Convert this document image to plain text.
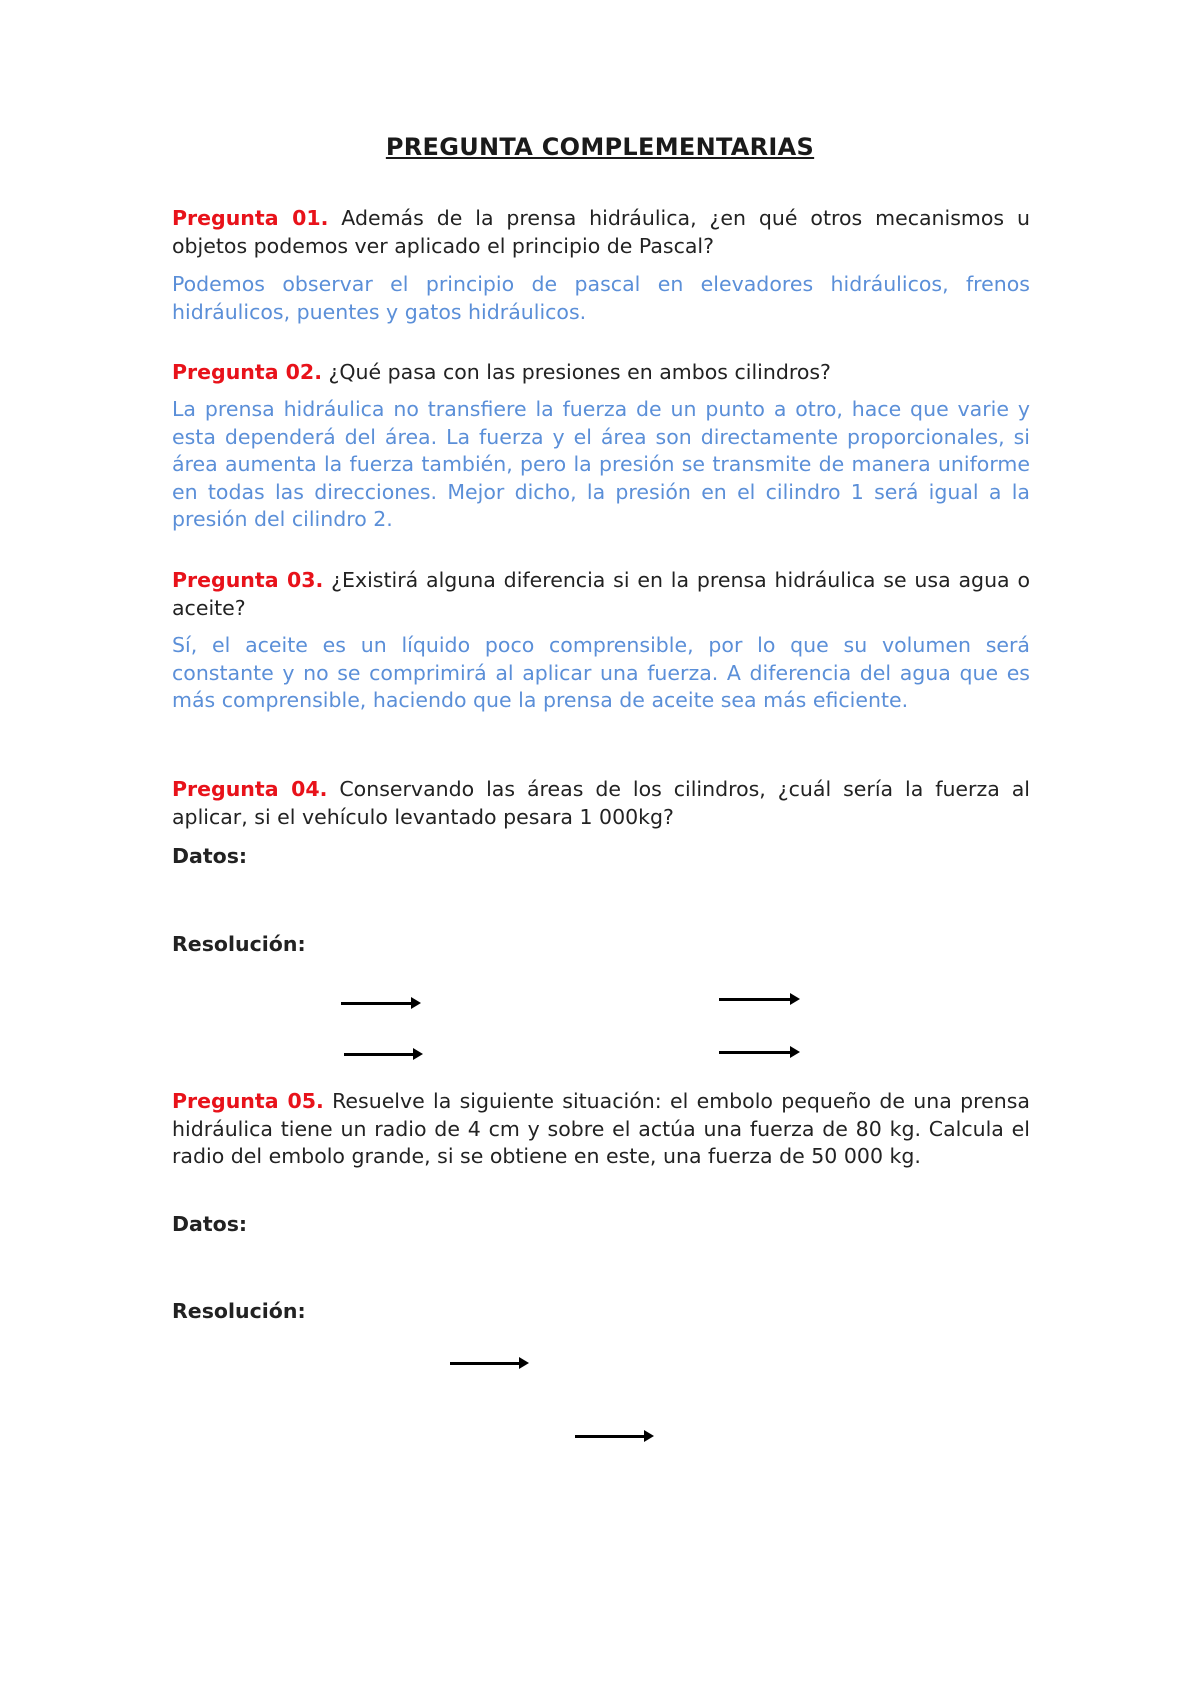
PREGUNTA COMPLEMENTARIAS
Pregunta 01. Además de la prensa hidráulica, ¿en qué otros mecanismos u objetos podemos ver aplicado el principio de Pascal?
Podemos observar el principio de pascal en elevadores hidráulicos, frenos hidráulicos, puentes y gatos hidráulicos.
Pregunta 02. ¿Qué pasa con las presiones en ambos cilindros?
La prensa hidráulica no transfiere la fuerza de un punto a otro, hace que varie y esta dependerá del área. La fuerza y el área son directamente proporcionales, si área aumenta la fuerza también, pero la presión se transmite de manera uniforme en todas las direcciones. Mejor dicho, la presión en el cilindro 1 será igual a la presión del cilindro 2.
Pregunta 03. ¿Existirá alguna diferencia si en la prensa hidráulica se usa agua o aceite?
Sí, el aceite es un líquido poco comprensible, por lo que su volumen será constante y no se comprimirá al aplicar una fuerza. A diferencia del agua que es más comprensible, haciendo que la prensa de aceite sea más eficiente.
Pregunta 04. Conservando las áreas de los cilindros, ¿cuál sería la fuerza al aplicar, si el vehículo levantado pesara 1 000kg?
Datos:
Resolución:
Pregunta 05. Resuelve la siguiente situación: el embolo pequeño de una prensa hidráulica tiene un radio de 4 cm y sobre el actúa una fuerza de 80 kg. Calcula el radio del embolo grande, si se obtiene en este, una fuerza de 50 000 kg.
Datos:
Resolución:
